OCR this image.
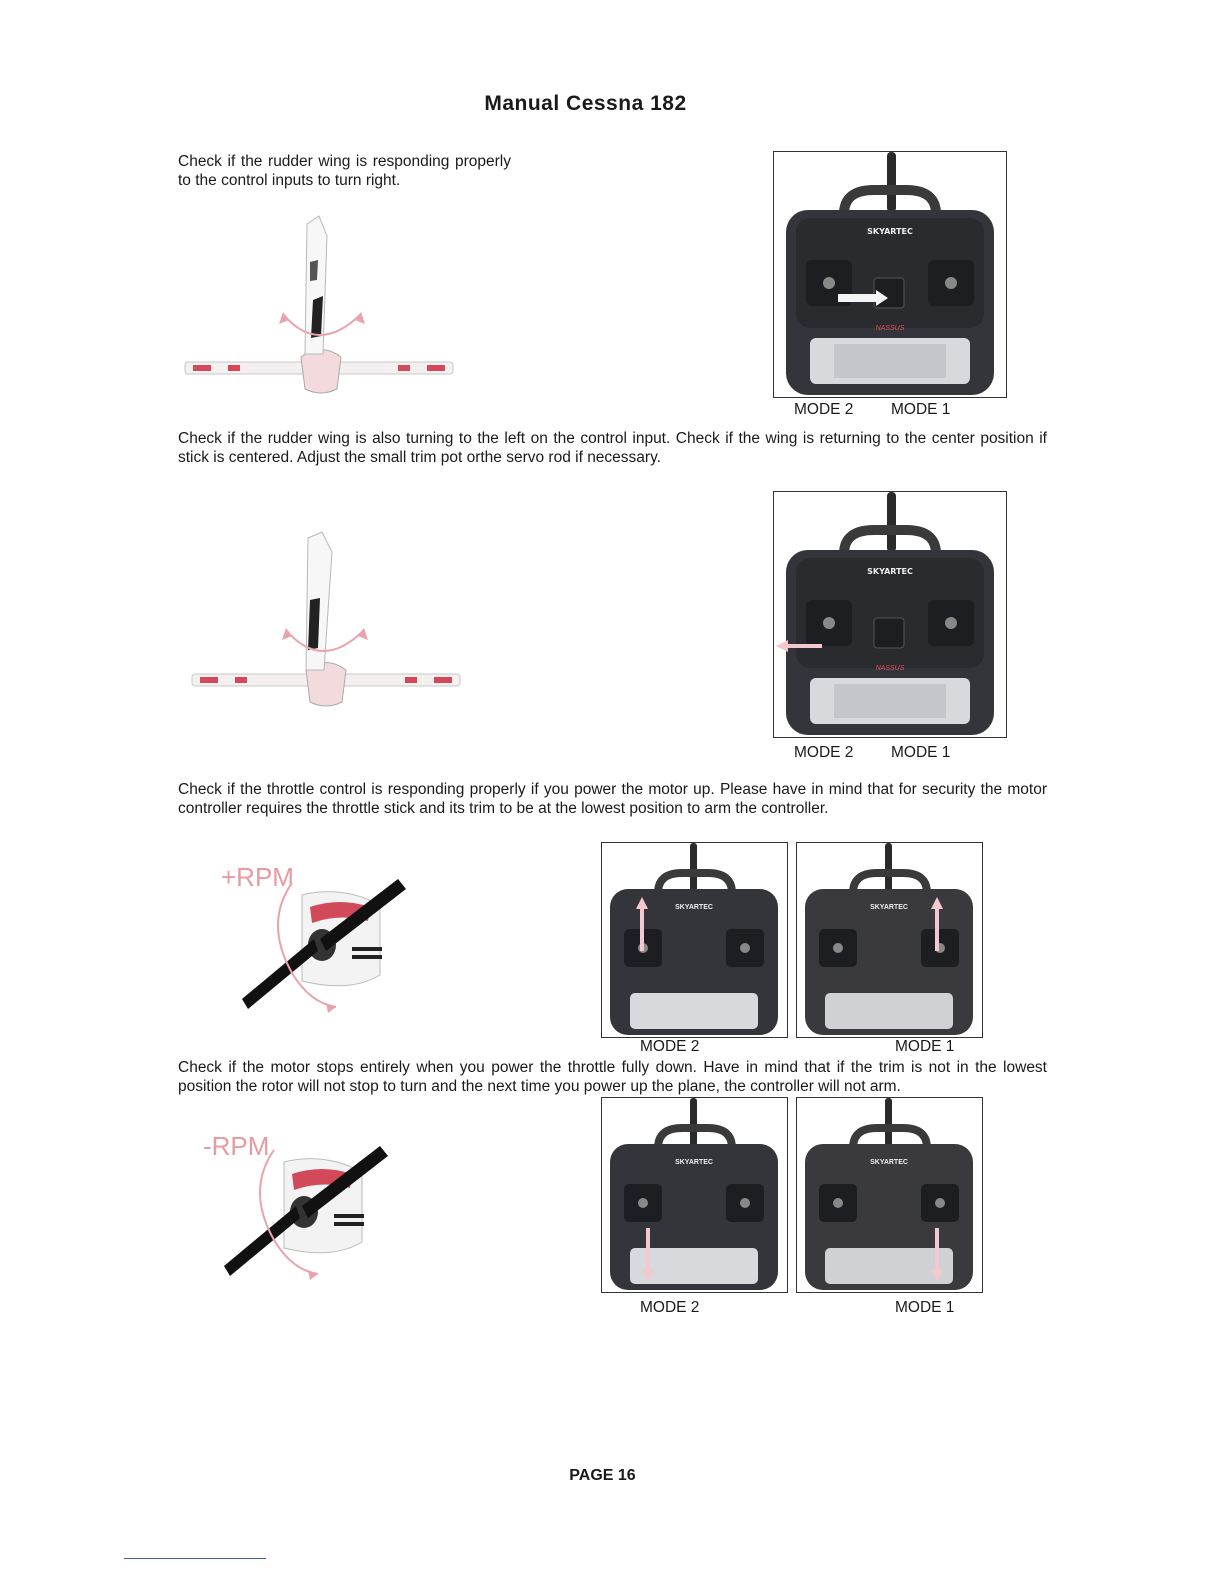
Manual Cessna 182
Check if the rudder wing is responding properly to the control inputs to turn right.
SKYARTEC
NASSUS
MODE 2 MODE 1
Check if the rudder wing is also turning to the left on the control input. Check if the wing is returning to the center position if stick is centered. Adjust the small trim pot orthe servo rod if necessary.
SKYARTEC
NASSUS
MODE 2 MODE 1
Check if the throttle control is responding properly if you power the motor up. Please have in mind that for security the motor controller requires the throttle stick and its trim to be at the lowest position to arm the controller.
+RPM
SKYARTEC	SKYARTEC
MODE 2	MODE 1
Check if the motor stops entirely when you power the throttle fully down. Have in mind that if the trim is not in the lowest position the rotor will not stop to turn and the next time you power up the plane, the controller will not arm.
-RPM
SKYARTEC	SKYARTEC
MODE 2	MODE 1
PAGE 16
